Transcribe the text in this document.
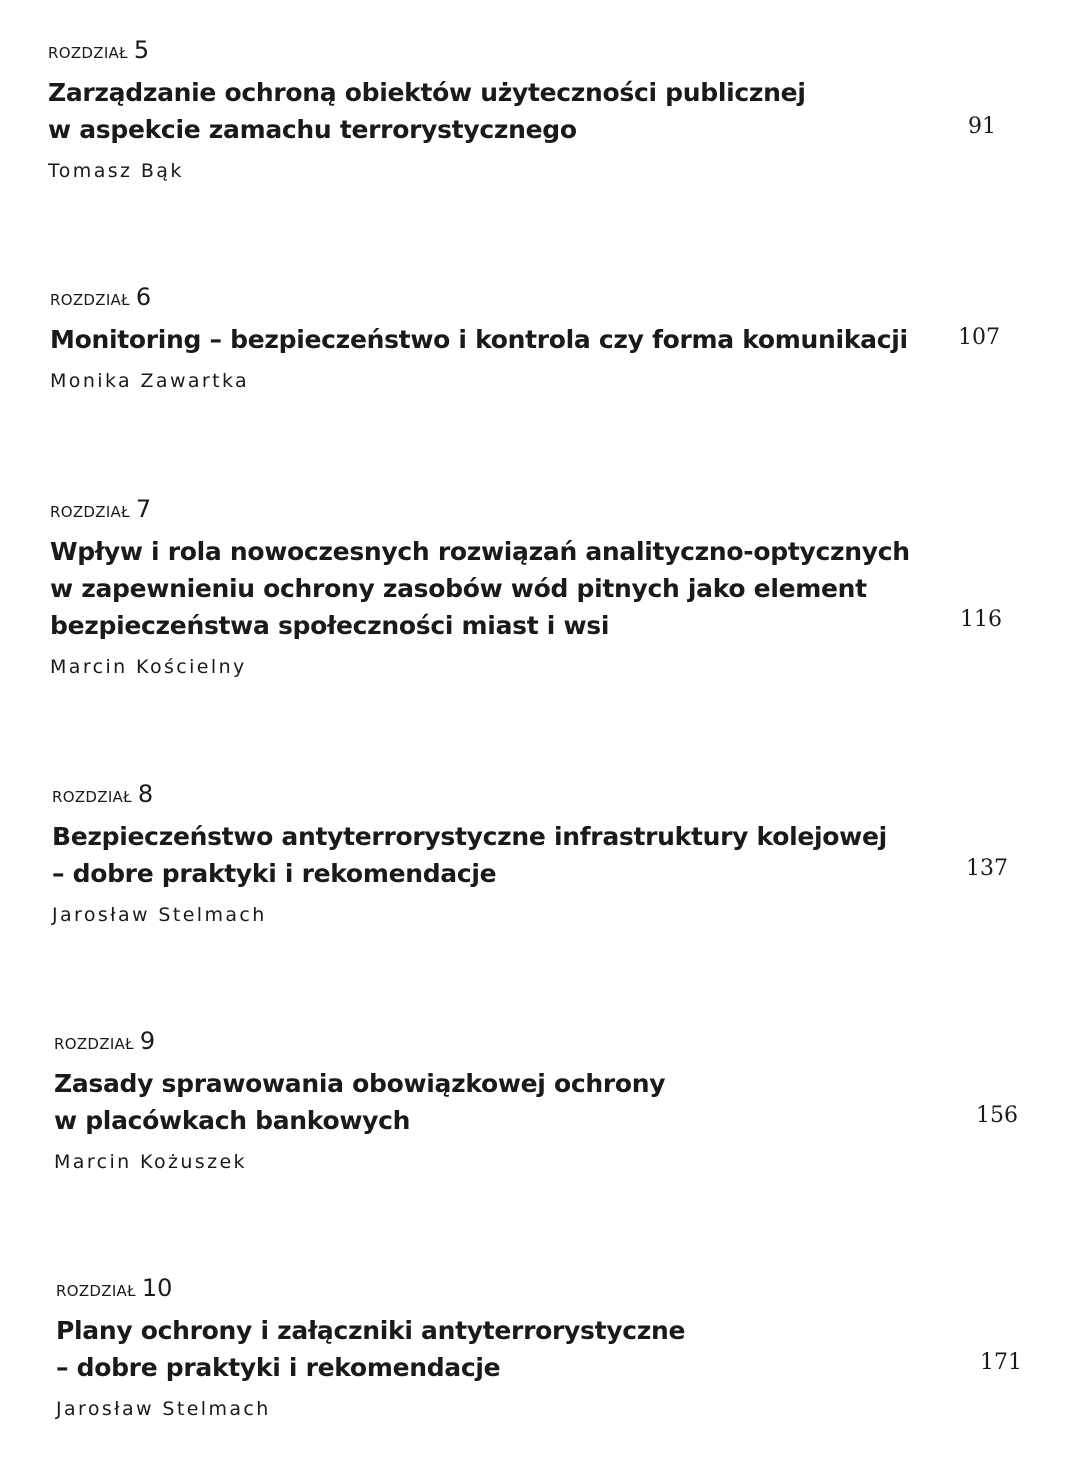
ROZDZIAŁ 5
Zarządzanie ochroną obiektów użyteczności publicznej
w aspekcie zamachu terrorystycznego	91
Tomasz Bąk
ROZDZIAŁ 6
Monitoring – bezpieczeństwo i kontrola czy forma komunikacji	107
Monika Zawartka
ROZDZIAŁ 7
Wpływ i rola nowoczesnych rozwiązań analityczno-optycznych
w zapewnieniu ochrony zasobów wód pitnych jako element
bezpieczeństwa społeczności miast i wsi	116
Marcin Kościelny
ROZDZIAŁ 8
Bezpieczeństwo antyterrorystyczne infrastruktury kolejowej
– dobre praktyki i rekomendacje	137
Jarosław Stelmach
ROZDZIAŁ 9
Zasady sprawowania obowiązkowej ochrony
w placówkach bankowych	156
Marcin Kożuszek
ROZDZIAŁ 10
Plany ochrony i załączniki antyterrorystyczne
– dobre praktyki i rekomendacje	171
Jarosław Stelmach
